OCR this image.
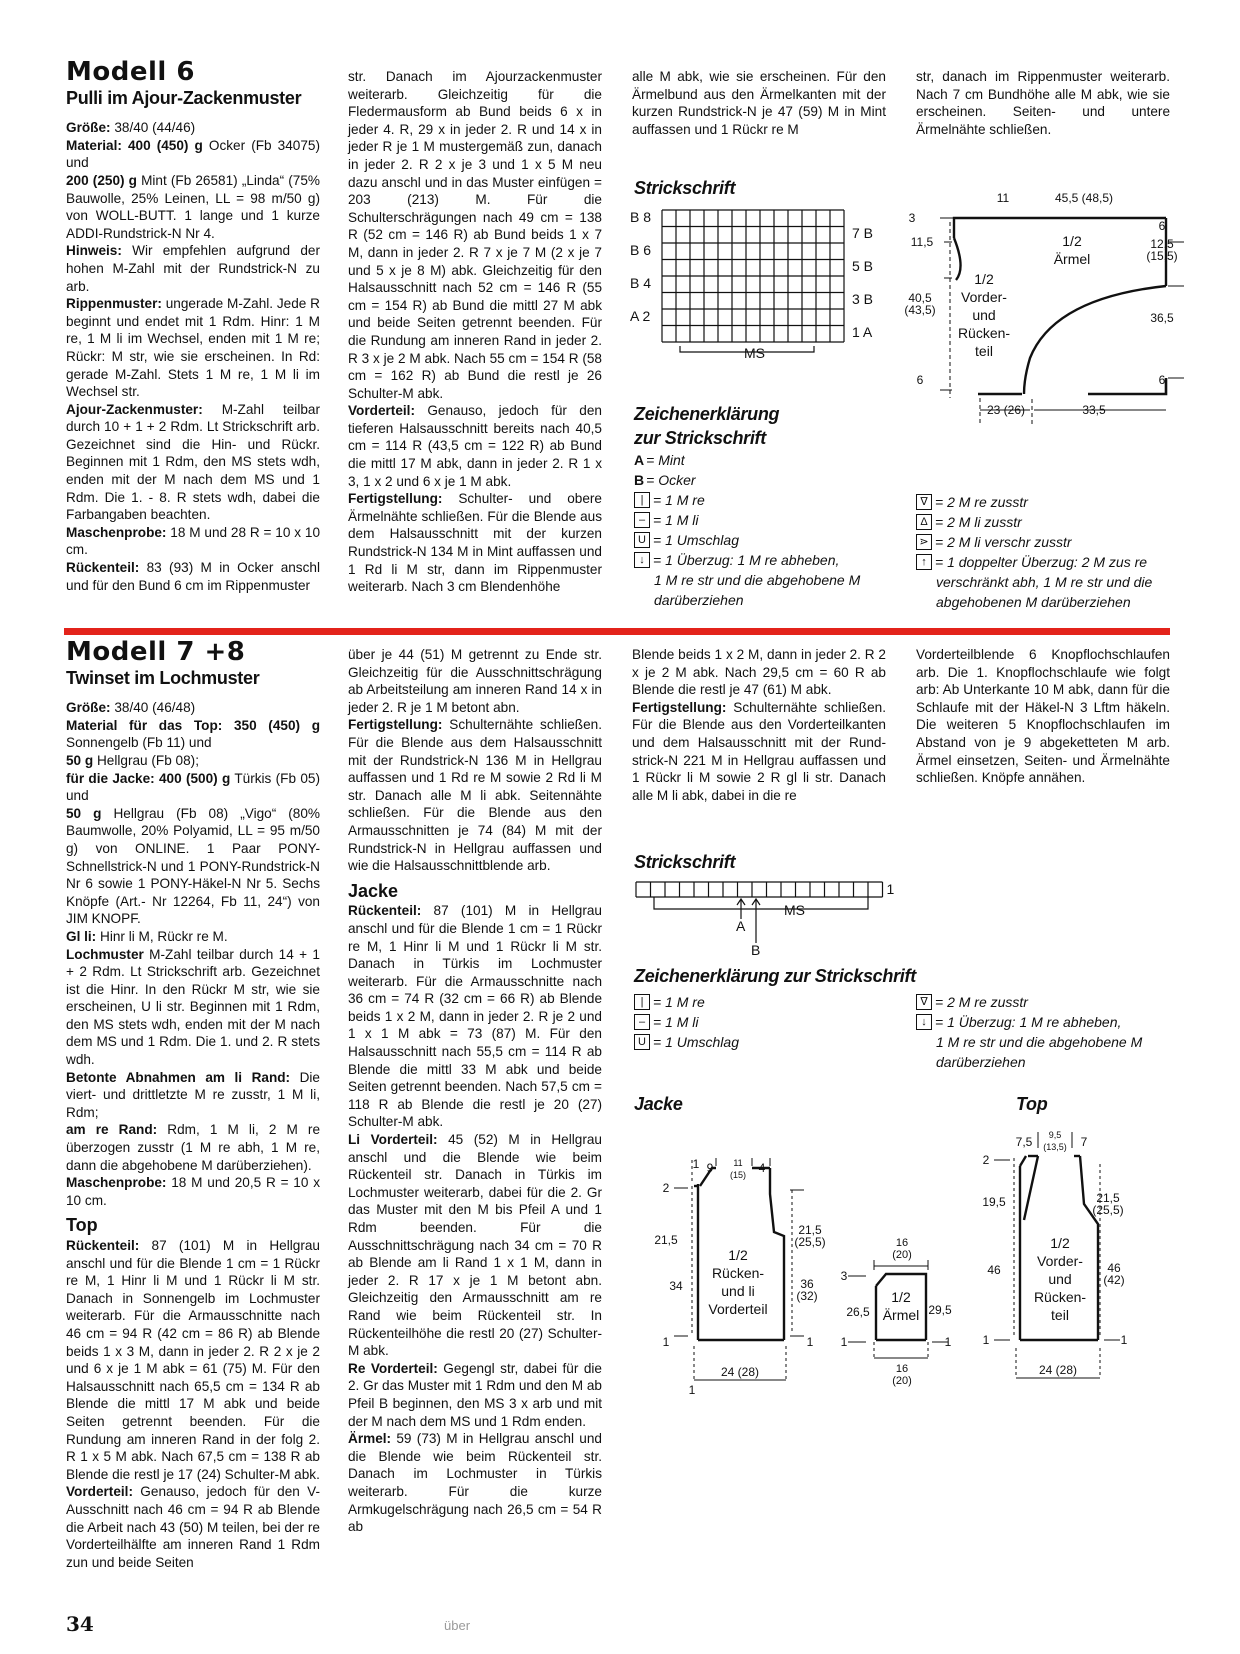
Modell 6
Pulli im Ajour-Zackenmuster

Größe: 38/40 (44/46)

Material: 400 (450) g Ocker (Fb 34075) und

200 (250) g Mint (Fb 26581) „Linda“ (75% Bauwolle, 25% Leinen, LL = 98 m/50 g) von WOLL-BUTT. 1 lange und 1 kurze ADDI-Rundstrick-N Nr 4.

Hinweis: Wir empfehlen aufgrund der hohen M-Zahl mit der Rundstrick-N zu arb.

Rippenmuster: ungerade M-Zahl. Jede R beginnt und endet mit 1 Rdm. Hinr: 1 M re, 1 M li im Wechsel, enden mit 1 M re; Rückr: M str, wie sie erscheinen. In Rd: gerade M-Zahl. Stets 1 M re, 1 M li im Wechsel str.

Ajour-Zackenmuster: M-Zahl teilbar durch 10 + 1 + 2 Rdm. Lt Strickschrift arb. Gezeichnet sind die Hin- und Rückr. Beginnen mit 1 Rdm, den MS stets wdh, enden mit der M nach dem MS und 1 Rdm. Die 1. - 8. R stets wdh, dabei die Farbangaben beachten.

Maschenprobe: 18 M und 28 R = 10 x 10 cm.

Rückenteil: 83 (93) M in Ocker anschl und für den Bund 6 cm im Rippenmuster

str. Danach im Ajourzackenmuster weiterarb. Gleichzeitig für die Fledermausform ab Bund beids 6 x in jeder 4. R, 29 x in jeder 2. R und 14 x in jeder R je 1 M mustergemäß zun, danach in jeder 2. R 2 x je 3 und 1 x 5 M neu dazu anschl und in das Muster einfügen = 203 (213) M. Für die Schulterschrägungen nach 49 cm = 138 R (52 cm = 146 R) ab Bund beids 1 x 7 M, dann in jeder 2. R 7 x je 7 M (2 x je 7 und 5 x je 8 M) abk. Gleichzeitig für den Halsausschnitt nach 52 cm = 146 R (55 cm = 154 R) ab Bund die mittl 27 M abk und beide Seiten getrennt beenden. Für die Rundung am inneren Rand in jeder 2. R 3 x je 2 M abk. Nach 55 cm = 154 R (58 cm = 162 R) ab Bund die restl je 26 Schulter-M abk.

Vorderteil: Genauso, jedoch für den tieferen Halsausschnitt bereits nach 40,5 cm = 114 R (43,5 cm = 122 R) ab Bund die mittl 17 M abk, dann in jeder 2. R 1 x 3, 1 x 2 und 6 x je 1 M abk.

Fertigstellung: Schulter- und obere Ärmelnähte schließen. Für die Blende aus dem Halsausschnitt mit der kurzen Rundstrick-N 134 M in Mint auffassen und 1 Rd li M str, dann im Rippenmuster weiterarb. Nach 3 cm Blendenhöhe

alle M abk, wie sie erscheinen. Für den Ärmelbund aus den Ärmelkanten mit der kurzen Rundstrick-N je 47 (59) M in Mint auffassen und 1 Rückr re M

str, danach im Rippenmuster weiterarb. Nach 7 cm Bundhöhe alle M abk, wie sie erscheinen. Seiten- und untere Ärmelnähte schließen.

Strickschrift
B 8
B 6
B 4
A 2
7 B
5 B
3 B
1 A
MS
Zeichenerklärung
zur Strickschrift
A = Mint
B = Ocker
| = 1 M re
– = 1 M li
U = 1 Umschlag
↓ = 1 Überzug: 1 M re abheben,
1 M re str und die abgehobene M
darüberziehen
∇ = 2 M re zusstr
Δ = 2 M li zusstr
⋗ = 2 M li verschr zusstr
↑ = 1 doppelter Überzug: 2 M zus re
verschränkt abh, 1 M re str und die
abgehobenen M darüberziehen
11	45,5 (48,5)
3
6
11,5	12,5
(15,5)
40,5
(43,5)
36,5
6	6
23 (26)	33,5
1/2
Ärmel
1/2
Vorder-
und
Rücken-
teil
Modell 7 +8
Twinset im Lochmuster

Größe: 38/40 (46/48)

Material für das Top: 350 (450) g Sonnengelb (Fb 11) und

50 g Hellgrau (Fb 08);

für die Jacke: 400 (500) g Türkis (Fb 05) und

50 g Hellgrau (Fb 08) „Vigo“ (80% Baumwolle, 20% Polyamid, LL = 95 m/50 g) von ONLINE. 1 Paar PONY-Schnellstrick-N und 1 PONY-Rundstrick-N Nr 6 sowie 1 PONY-Häkel-N Nr 5. Sechs Knöpfe (Art.- Nr 12264, Fb 11, 24“) von JIM KNOPF.

Gl li: Hinr li M, Rückr re M.

Lochmuster M-Zahl teilbar durch 14 + 1 + 2 Rdm. Lt Strickschrift arb. Gezeichnet ist die Hinr. In den Rückr M str, wie sie erscheinen, U li str. Beginnen mit 1 Rdm, den MS stets wdh, enden mit der M nach dem MS und 1 Rdm. Die 1. und 2. R stets wdh.

Betonte Abnahmen am li Rand: Die viert- und drittletzte M re zusstr, 1 M li, Rdm;

am re Rand: Rdm, 1 M li, 2 M re überzogen zusstr (1 M re abh, 1 M re, dann die abgehobene M darüberziehen).

Maschenprobe: 18 M und 20,5 R = 10 x 10 cm.

Top

Rückenteil: 87 (101) M in Hellgrau anschl und für die Blende 1 cm = 1 Rückr re M, 1 Hinr li M und 1 Rückr li M str. Danach in Sonnengelb im Lochmuster weiterarb. Für die Armausschnitte nach 46 cm = 94 R (42 cm = 86 R) ab Blende beids 1 x 3 M, dann in jeder 2. R 2 x je 2 und 6 x je 1 M abk = 61 (75) M. Für den Halsausschnitt nach 65,5 cm = 134 R ab Blende die mittl 17 M abk und beide Seiten getrennt beenden. Für die Rundung am inneren Rand in der folg 2. R 1 x 5 M abk. Nach 67,5 cm = 138 R ab Blende die restl je 17 (24) Schulter-M abk.

Vorderteil: Genauso, jedoch für den V-Ausschnitt nach 46 cm = 94 R ab Blende die Arbeit nach 43 (50) M teilen, bei der re Vorderteilhälfte am inneren Rand 1 Rdm zun und beide Seiten

über je 44 (51) M getrennt zu Ende str. Gleichzeitig für die Ausschnittschrägung ab Arbeitsteilung am inneren Rand 14 x in jeder 2. R je 1 M betont abn.

Fertigstellung: Schulternähte schließen. Für die Blende aus dem Halsausschnitt mit der Rundstrick-N 136 M in Hellgrau auffassen und 1 Rd re M sowie 2 Rd li M str. Danach alle M li abk. Seitennähte schließen. Für die Blende aus den Armausschnitten je 74 (84) M mit der Rundstrick-N in Hellgrau auffassen und wie die Halsausschnittblende arb.

Jacke

Rückenteil: 87 (101) M in Hellgrau anschl und für die Blende 1 cm = 1 Rückr re M, 1 Hinr li M und 1 Rückr li M str. Danach in Türkis im Lochmuster weiterarb. Für die Armausschnitte nach 36 cm = 74 R (32 cm = 66 R) ab Blende beids 1 x 2 M, dann in jeder 2. R je 2 und 1 x 1 M abk = 73 (87) M. Für den Halsausschnitt nach 55,5 cm = 114 R ab Blende die mittl 33 M abk und beide Seiten getrennt beenden. Nach 57,5 cm = 118 R ab Blende die restl je 20 (27) Schulter-M abk.

Li Vorderteil: 45 (52) M in Hellgrau anschl und die Blende wie beim Rückenteil str. Danach in Türkis im Lochmuster weiterarb, dabei für die 2. Gr das Muster mit den M bis Pfeil A und 1 Rdm beenden. Für die Ausschnittschrägung nach 34 cm = 70 R ab Blende am li Rand 1 x 1 M, dann in jeder 2. R 17 x je 1 M betont abn. Gleichzeitig den Armausschnitt am re Rand wie beim Rückenteil str. In Rückenteilhöhe die restl 20 (27) Schulter-M abk.

Re Vorderteil: Gegengl str, dabei für die 2. Gr das Muster mit 1 Rdm und den M ab Pfeil B beginnen, den MS 3 x arb und mit der M nach dem MS und 1 Rdm enden.

Ärmel: 59 (73) M in Hellgrau anschl und die Blende wie beim Rückenteil str. Danach im Lochmuster in Türkis weiterarb. Für die kurze Armkugelschrägung nach 26,5 cm = 54 R ab

Blende beids 1 x 2 M, dann in jeder 2. R 2 x je 2 M abk. Nach 29,5 cm = 60 R ab Blende die restl je 47 (61) M abk.

Fertigstellung: Schulternähte schließen. Für die Blende aus den Vorderteilkanten und dem Halsausschnitt mit der Rund-strick-N 221 M in Hellgrau auffassen und 1 Rückr li M sowie 2 R gl li str. Danach alle M li abk, dabei in die re

Vorderteilblende 6 Knopflochschlaufen arb. Die 1. Knopflochschlaufe wie folgt arb: Ab Unterkante 10 M abk, dann für die Schlaufe mit der Häkel-N 3 Lftm häkeln. Die weiteren 5 Knopflochschlaufen im Abstand von je 9 abgeketteten M arb. Ärmel einsetzen, Seiten- und Ärmelnähte schließen. Knöpfe annähen.

Strickschrift
1
MS
A
B
Zeichenerklärung zur Strickschrift
| = 1 M re
– = 1 M li
U = 1 Umschlag
∇ = 2 M re zusstr
↓ = 1 Überzug: 1 M re abheben,
1 M re str und die abgehobene M
darüberziehen
Jacke	Top
1 9 11
(15) 4
2
21,5
21,5
(25,5)
34	36
(32)
1	1
1
24 (28)
1/2
Rücken-
und li
Vorderteil
16
(20)
3
26,5	29,5
1	1
16
(20)
1/2
Ärmel
7,5 9,5
(13,5) 7
2
19,5	21,5
(25,5)
46	46
(42)
1	1
24 (28)
1/2
Vorder-
und
Rücken-
teil
34	über
